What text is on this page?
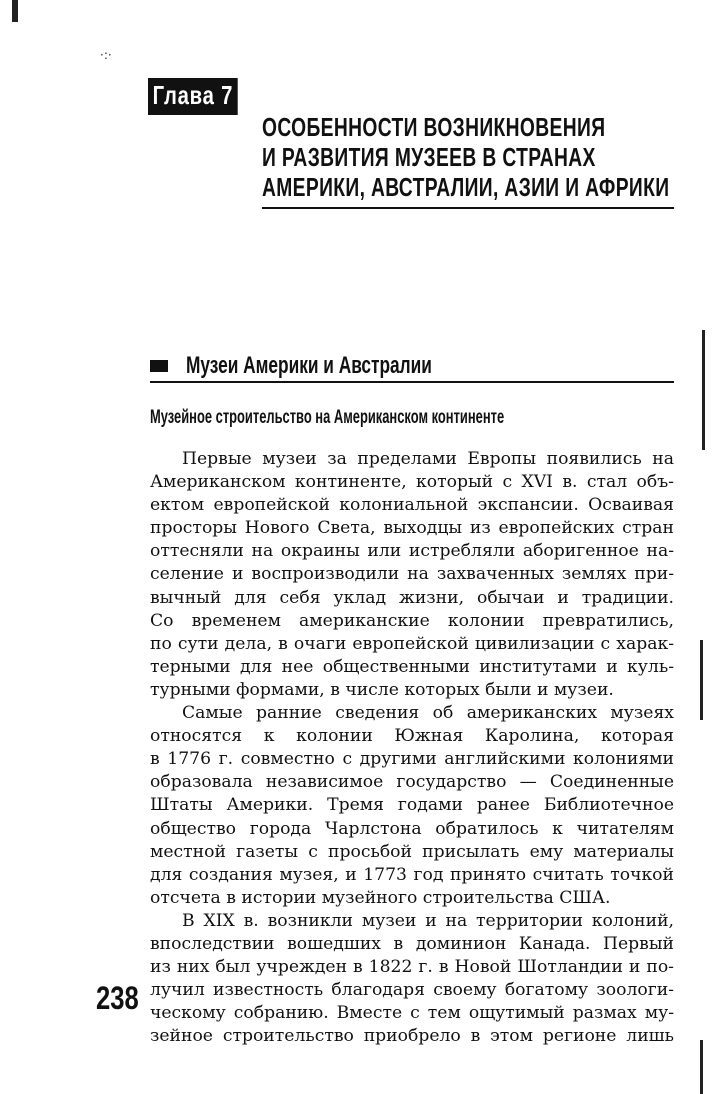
·:·
Глава 7
ОСОБЕННОСТИ ВОЗНИКНОВЕНИЯ
И РАЗВИТИЯ МУЗЕЕВ В СТРАНАХ
АМЕРИКИ, АВСТРАЛИИ, АЗИИ И АФРИКИ
Музеи Америки и Австралии
Музейное строительство на Американском континенте
Первые музеи за пределами Европы появились на
Американском континенте, который с XVI в. стал объ-
ектом европейской колониальной экспансии. Осваивая
просторы Нового Света, выходцы из европейских стран
оттесняли на окраины или истребляли аборигенное на-
селение и воспроизводили на захваченных землях при-
вычный для себя уклад жизни, обычаи и традиции.
Со временем американские колонии превратились,
по сути дела, в очаги европейской цивилизации с харак-
терными для нее общественными институтами и куль-
турными формами, в числе которых были и музеи.
Самые ранние сведения об американских музеях
относятся к колонии Южная Каролина, которая
в 1776 г. совместно с другими английскими колониями
образовала независимое государство — Соединенные
Штаты Америки. Тремя годами ранее Библиотечное
общество города Чарлстона обратилось к читателям
местной газеты с просьбой присылать ему материалы
для создания музея, и 1773 год принято считать точкой
отсчета в истории музейного строительства США.
В XIX в. возникли музеи и на территории колоний,
впоследствии вошедших в доминион Канада. Первый
из них был учрежден в 1822 г. в Новой Шотландии и по-
лучил известность благодаря своему богатому зоологи-
ческому собранию. Вместе с тем ощутимый размах му-
зейное строительство приобрело в этом регионе лишь
238
